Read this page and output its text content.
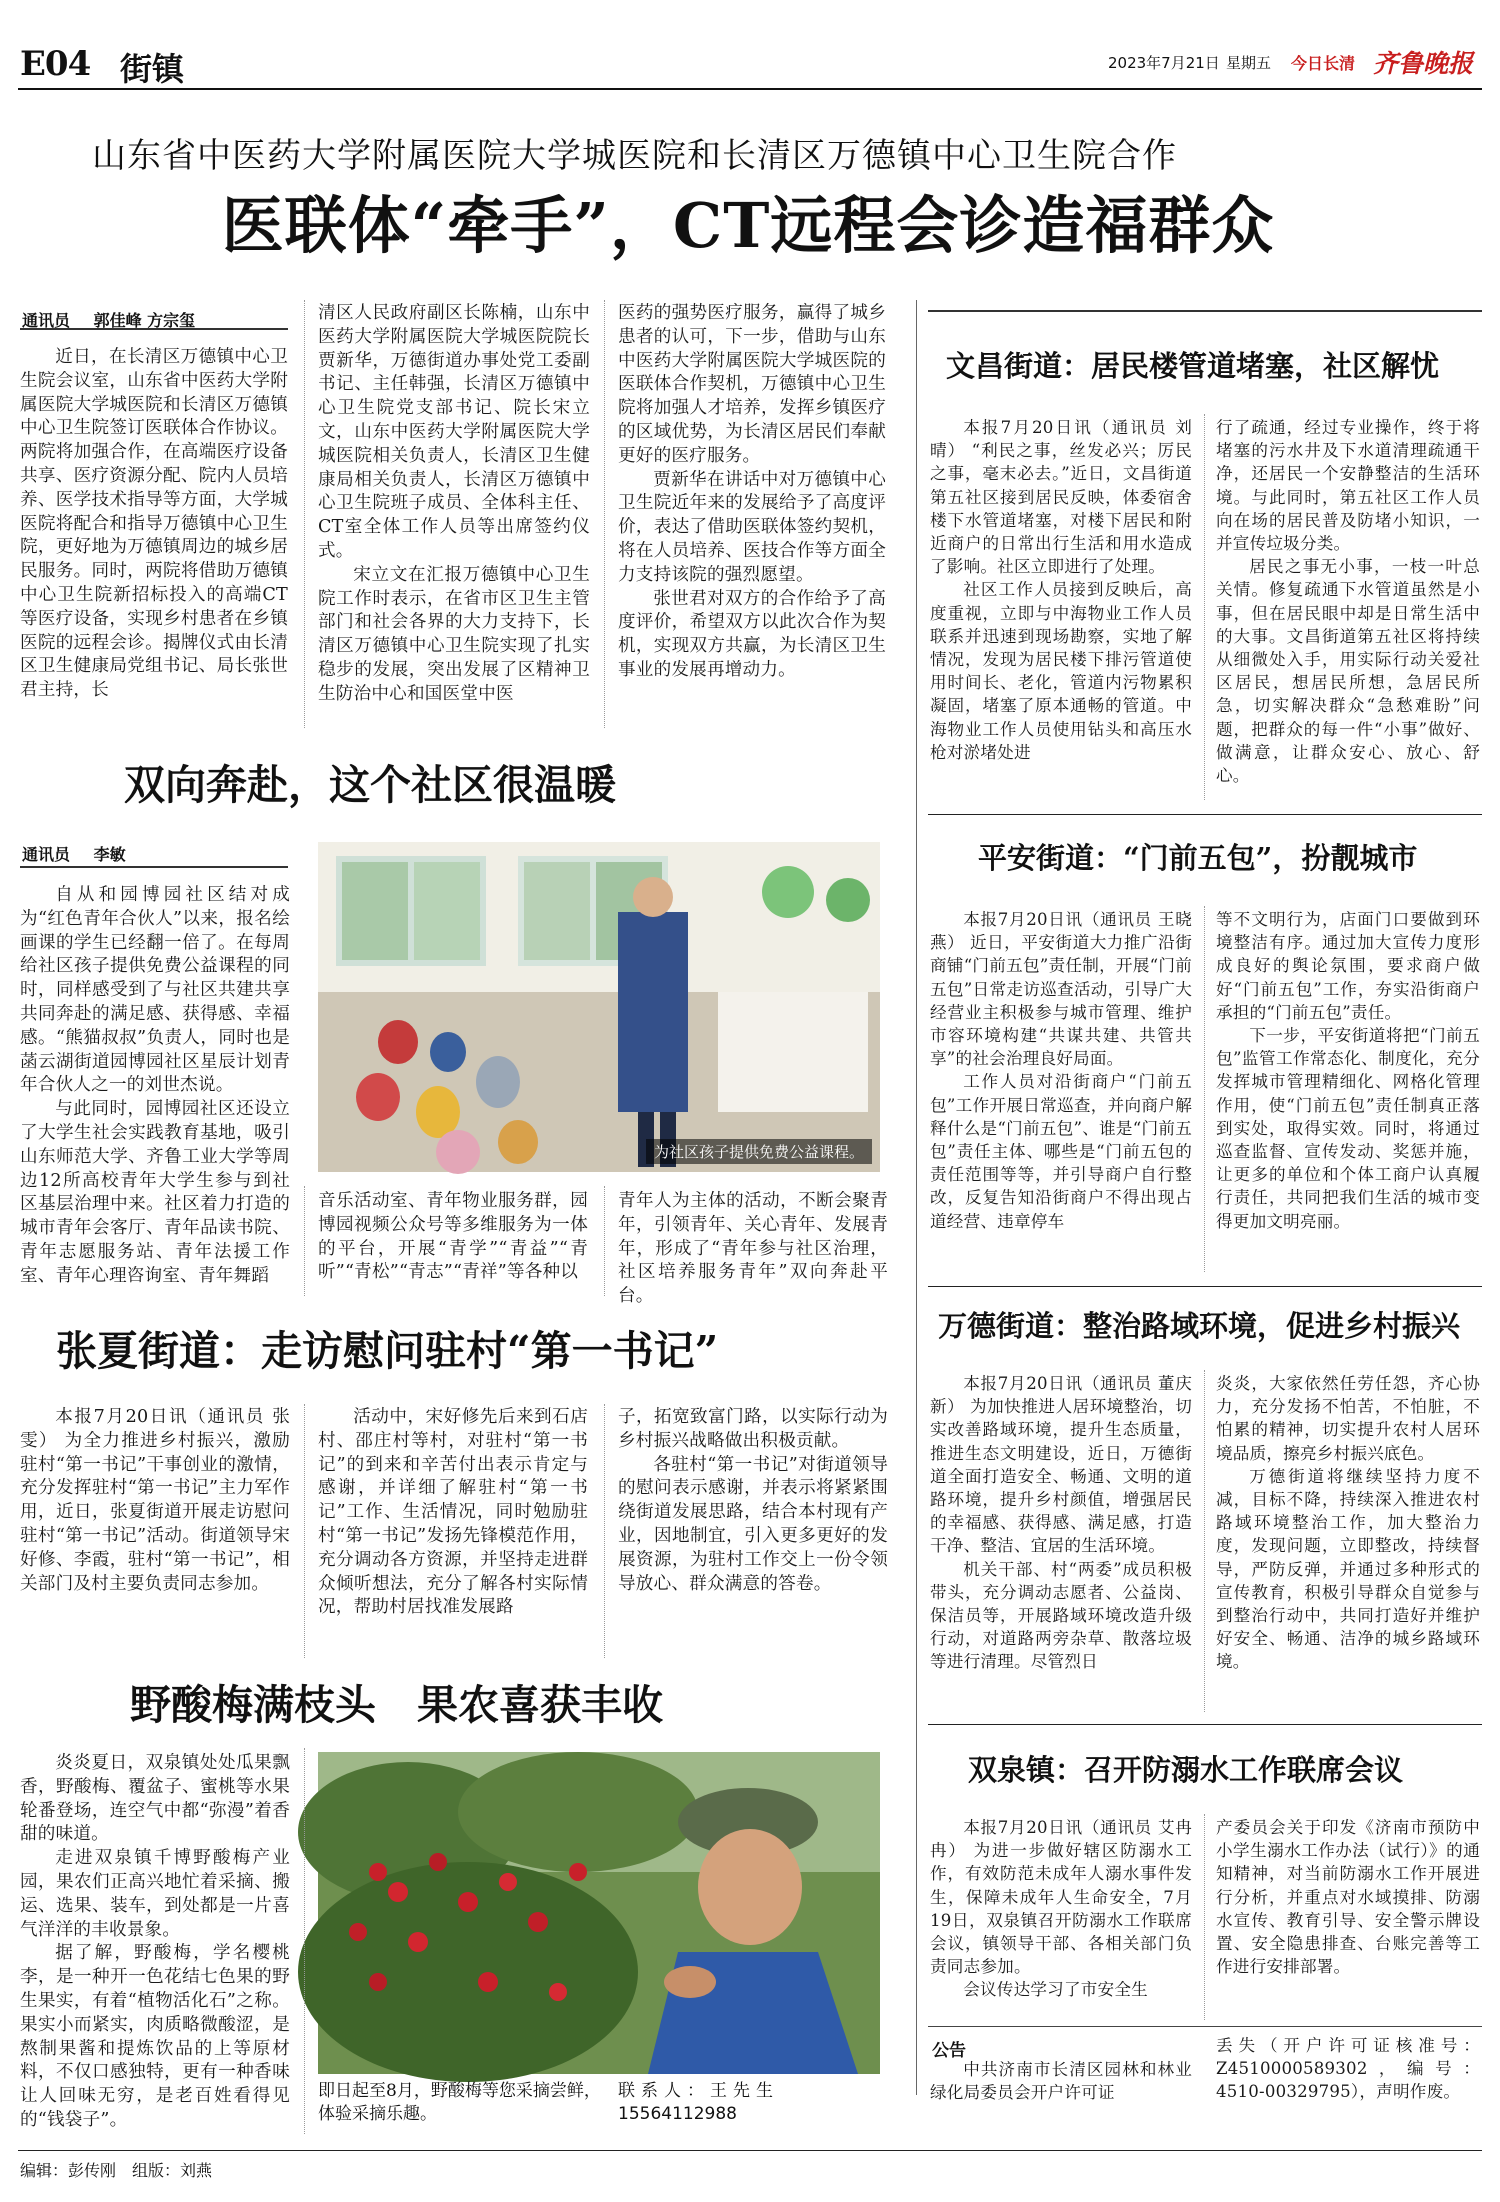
E04 街镇	2023年7月21日 星期五 今日长清 齐鲁晚报
山东省中医药大学附属医院大学城医院和长清区万德镇中心卫生院合作
医联体“牵手”，CT远程会诊造福群众
通讯员 郭佳峰 方宗玺
近日，在长清区万德镇中心卫生院会议室，山东省中医药大学附属医院大学城医院和长清区万德镇中心卫生院签订医联体合作协议。两院将加强合作，在高端医疗设备共享、医疗资源分配、院内人员培养、医学技术指导等方面，大学城医院将配合和指导万德镇中心卫生院，更好地为万德镇周边的城乡居民服务。同时，两院将借助万德镇中心卫生院新招标投入的高端CT等医疗设备，实现乡村患者在乡镇医院的远程会诊。揭牌仪式由长清区卫生健康局党组书记、局长张世君主持，长
清区人民政府副区长陈楠，山东中医药大学附属医院大学城医院院长贾新华，万德街道办事处党工委副书记、主任韩强，长清区万德镇中心卫生院党支部书记、院长宋立文，山东中医药大学附属医院大学城医院相关负责人，长清区卫生健康局相关负责人，长清区万德镇中心卫生院班子成员、全体科主任、CT室全体工作人员等出席签约仪式。
宋立文在汇报万德镇中心卫生院工作时表示，在省市区卫生主管部门和社会各界的大力支持下，长清区万德镇中心卫生院实现了扎实稳步的发展，突出发展了区精神卫生防治中心和国医堂中医
医药的强势医疗服务，赢得了城乡患者的认可，下一步，借助与山东中医药大学附属医院大学城医院的医联体合作契机，万德镇中心卫生院将加强人才培养，发挥乡镇医疗的区域优势，为长清区居民们奉献更好的医疗服务。
贾新华在讲话中对万德镇中心卫生院近年来的发展给予了高度评价，表达了借助医联体签约契机，将在人员培养、医技合作等方面全力支持该院的强烈愿望。
张世君对双方的合作给予了高度评价，希望双方以此次合作为契机，实现双方共赢，为长清区卫生事业的发展再增动力。
双向奔赴，这个社区很温暖
通讯员 李敏
自从和园博园社区结对成为“红色青年合伙人”以来，报名绘画课的学生已经翻一倍了。在每周给社区孩子提供免费公益课程的同时，同样感受到了与社区共建共享共同奔赴的满足感、获得感、幸福感。“熊猫叔叔”负责人，同时也是菡云湖街道园博园社区星辰计划青年合伙人之一的刘世杰说。
与此同时，园博园社区还设立了大学生社会实践教育基地，吸引山东师范大学、齐鲁工业大学等周边12所高校青年大学生参与到社区基层治理中来。社区着力打造的城市青年会客厅、青年品读书院、青年志愿服务站、青年法援工作室、青年心理咨询室、青年舞蹈
为社区孩子提供免费公益课程。
音乐活动室、青年物业服务群，园博园视频公众号等多维服务为一体的平台，开展“青学”“青益”“青听”“青松”“青志”“青祥”等各种以
青年人为主体的活动，不断会聚青年，引领青年、关心青年、发展青年，形成了“青年参与社区治理，社区培养服务青年”双向奔赴平台。
张夏街道：走访慰问驻村“第一书记”
本报7月20日讯（通讯员 张雯） 为全力推进乡村振兴，激励驻村“第一书记”干事创业的激情，充分发挥驻村“第一书记”主力军作用，近日，张夏街道开展走访慰问驻村“第一书记”活动。街道领导宋好修、李霞，驻村“第一书记”，相关部门及村主要负责同志参加。
活动中，宋好修先后来到石店村、邵庄村等村，对驻村“第一书记”的到来和辛苦付出表示肯定与感谢，并详细了解驻村“第一书记”工作、生活情况，同时勉励驻村“第一书记”发扬先锋模范作用，充分调动各方资源，并坚持走进群众倾听想法，充分了解各村实际情况，帮助村居找准发展路
子，拓宽致富门路，以实际行动为乡村振兴战略做出积极贡献。
各驻村“第一书记”对街道领导的慰问表示感谢，并表示将紧紧围绕街道发展思路，结合本村现有产业，因地制宜，引入更多更好的发展资源，为驻村工作交上一份令领导放心、群众满意的答卷。
野酸梅满枝头　果农喜获丰收
炎炎夏日，双泉镇处处瓜果飘香，野酸梅、覆盆子、蜜桃等水果轮番登场，连空气中都“弥漫”着香甜的味道。
走进双泉镇千博野酸梅产业园，果农们正高兴地忙着采摘、搬运、选果、装车，到处都是一片喜气洋洋的丰收景象。
据了解，野酸梅，学名樱桃李，是一种开一色花结七色果的野生果实，有着“植物活化石”之称。果实小而紧实，肉质略微酸涩，是熬制果酱和提炼饮品的上等原材料，不仅口感独特，更有一种香味让人回味无穷，是老百姓看得见的“钱袋子”。
即日起至8月，野酸梅等您采摘尝鲜，体验采摘乐趣。
联系人：王先生
15564112988
文昌街道：居民楼管道堵塞，社区解忧
本报7月20日讯（通讯员 刘晴） “利民之事，丝发必兴；厉民之事，毫末必去。”近日，文昌街道第五社区接到居民反映，体委宿舍楼下水管道堵塞，对楼下居民和附近商户的日常出行生活和用水造成了影响。社区立即进行了处理。
社区工作人员接到反映后，高度重视，立即与中海物业工作人员联系并迅速到现场勘察，实地了解情况，发现为居民楼下排污管道使用时间长、老化，管道内污物累积凝固，堵塞了原本通畅的管道。中海物业工作人员使用钻头和高压水枪对淤堵处进
行了疏通，经过专业操作，终于将堵塞的污水井及下水道清理疏通干净，还居民一个安静整洁的生活环境。与此同时，第五社区工作人员向在场的居民普及防堵小知识，一并宣传垃圾分类。
居民之事无小事，一枝一叶总关情。修复疏通下水管道虽然是小事，但在居民眼中却是日常生活中的大事。文昌街道第五社区将持续从细微处入手，用实际行动关爱社区居民，想居民所想，急居民所急，切实解决群众“急愁难盼”问题，把群众的每一件“小事”做好、做满意，让群众安心、放心、舒心。
平安街道：“门前五包”，扮靓城市
本报7月20日讯（通讯员 王晓燕） 近日，平安街道大力推广沿街商铺“门前五包”责任制，开展“门前五包”日常走访巡查活动，引导广大经营业主积极参与城市管理、维护市容环境构建“共谋共建、共管共享”的社会治理良好局面。
工作人员对沿街商户“门前五包”工作开展日常巡查，并向商户解释什么是“门前五包”、谁是“门前五包”责任主体、哪些是“门前五包的责任范围等等，并引导商户自行整改，反复告知沿街商户不得出现占道经营、违章停车
等不文明行为，店面门口要做到环境整洁有序。通过加大宣传力度形成良好的舆论氛围，要求商户做好“门前五包”工作，夯实沿街商户承担的“门前五包”责任。
下一步，平安街道将把“门前五包”监管工作常态化、制度化，充分发挥城市管理精细化、网格化管理作用，使“门前五包”责任制真正落到实处，取得实效。同时，将通过巡查监督、宣传发动、奖惩并施，让更多的单位和个体工商户认真履行责任，共同把我们生活的城市变得更加文明亮丽。
万德街道：整治路域环境，促进乡村振兴
本报7月20日讯（通讯员 董庆新） 为加快推进人居环境整治，切实改善路域环境，提升生态质量，推进生态文明建设，近日，万德街道全面打造安全、畅通、文明的道路环境，提升乡村颜值，增强居民的幸福感、获得感、满足感，打造干净、整洁、宜居的生活环境。
机关干部、村“两委”成员积极带头，充分调动志愿者、公益岗、保洁员等，开展路域环境改造升级行动，对道路两旁杂草、散落垃圾等进行清理。尽管烈日
炎炎，大家依然任劳任怨，齐心协力，充分发扬不怕苦，不怕脏，不怕累的精神，切实提升农村人居环境品质，擦亮乡村振兴底色。
万德街道将继续坚持力度不减，目标不降，持续深入推进农村路域环境整治工作，加大整治力度，发现问题，立即整改，持续督导，严防反弹，并通过多种形式的宣传教育，积极引导群众自觉参与到整治行动中，共同打造好并维护好安全、畅通、洁净的城乡路域环境。
双泉镇：召开防溺水工作联席会议
本报7月20日讯（通讯员 艾冉冉） 为进一步做好辖区防溺水工作，有效防范未成年人溺水事件发生，保障未成年人生命安全，7月19日，双泉镇召开防溺水工作联席会议，镇领导干部、各相关部门负责同志参加。
会议传达学习了市安全生
产委员会关于印发《济南市预防中小学生溺水工作办法（试行）》的通知精神，对当前防溺水工作开展进行分析，并重点对水域摸排、防溺水宣传、教育引导、安全警示牌设置、安全隐患排查、台账完善等工作进行安排部署。
公告
中共济南市长清区园林和林业绿化局委员会开户许可证
丢失（开户许可证核准号：Z4510000589302，编号：4510-00329795），声明作废。
编辑：彭传刚　组版：刘燕
